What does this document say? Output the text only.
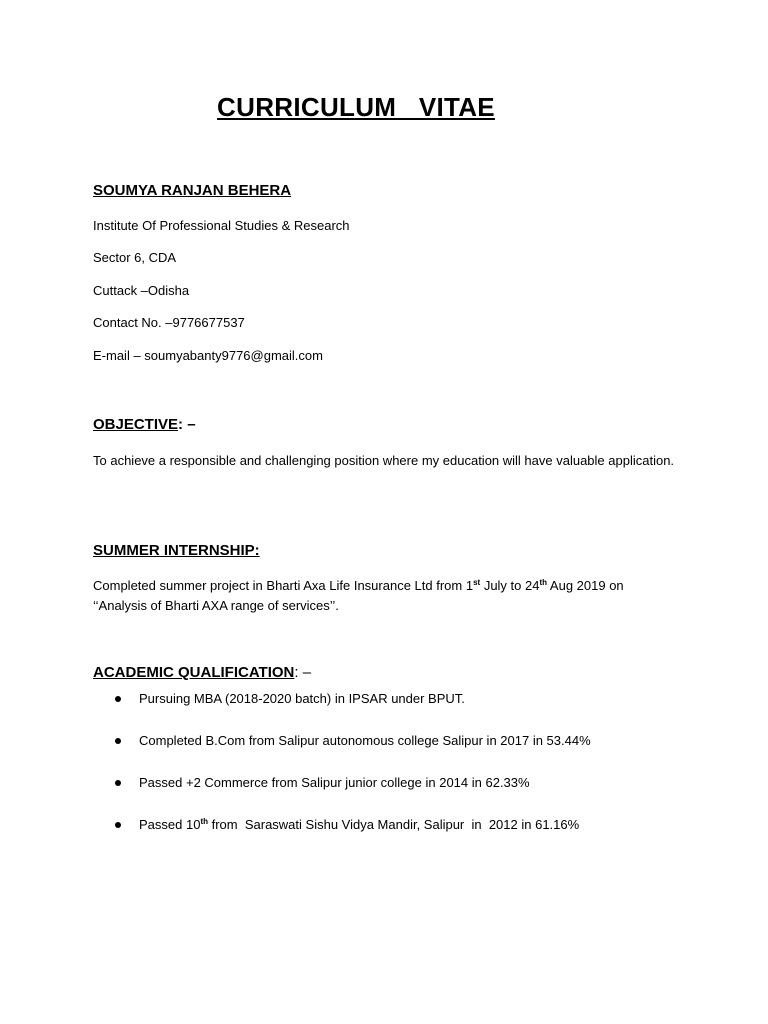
CURRICULUM   VITAE
SOUMYA RANJAN BEHERA
Institute Of Professional Studies & Research
Sector 6, CDA
Cuttack –Odisha
Contact No. –9776677537
E-mail – soumyabanty9776@gmail.com
OBJECTIVE: –
To achieve a responsible and challenging position where my education will have valuable application.
SUMMER INTERNSHIP:
Completed summer project in Bharti Axa Life Insurance Ltd from 1st July to 24th Aug 2019 on
‘‘Analysis of Bharti AXA range of services’’.
ACADEMIC QUALIFICATION: –
Pursuing MBA (2018-2020 batch) in IPSAR under BPUT.
Completed B.Com from Salipur autonomous college Salipur in 2017 in 53.44%
Passed +2 Commerce from Salipur junior college in 2014 in 62.33%
Passed 10th from  Saraswati Sishu Vidya Mandir, Salipur  in  2012 in 61.16%
